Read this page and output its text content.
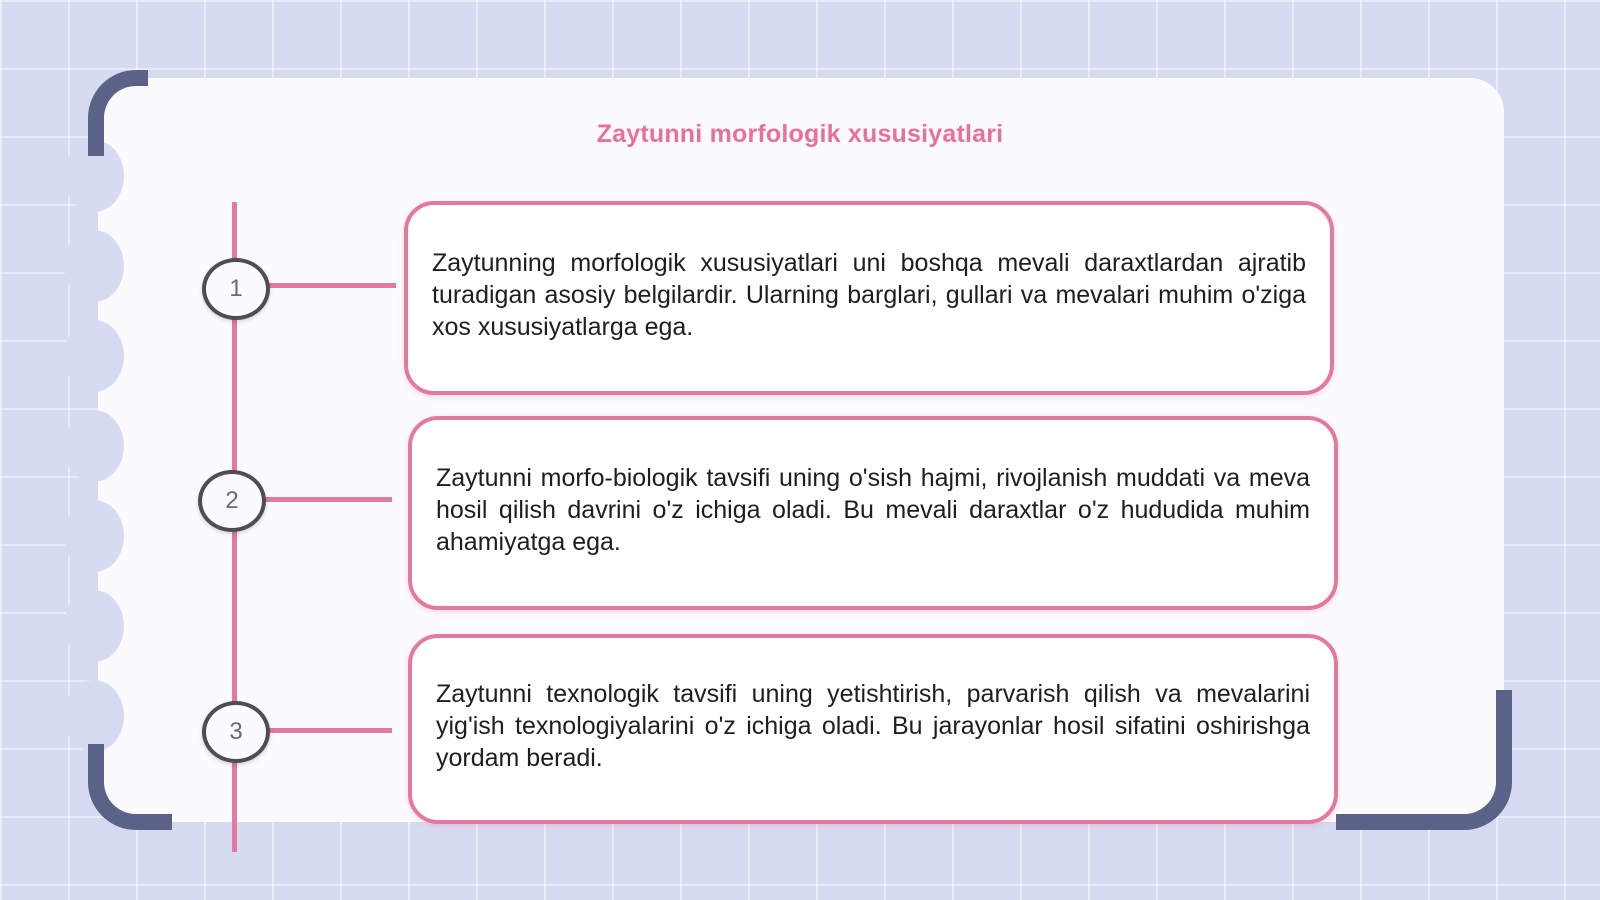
Zaytunni morfologik xususiyatlari
1
Zaytunning morfologik xususiyatlari uni boshqa mevali daraxtlardan ajratib turadigan asosiy belgilardir. Ularning barglari, gullari va mevalari muhim o'ziga xos xususiyatlarga ega.
2
Zaytunni morfo-biologik tavsifi uning o'sish hajmi, rivojlanish muddati va meva hosil qilish davrini o'z ichiga oladi. Bu mevali daraxtlar o'z hududida muhim ahamiyatga ega.
3
Zaytunni texnologik tavsifi uning yetishtirish, parvarish qilish va mevalarini yig'ish texnologiyalarini o'z ichiga oladi. Bu jarayonlar hosil sifatini oshirishga yordam beradi.
